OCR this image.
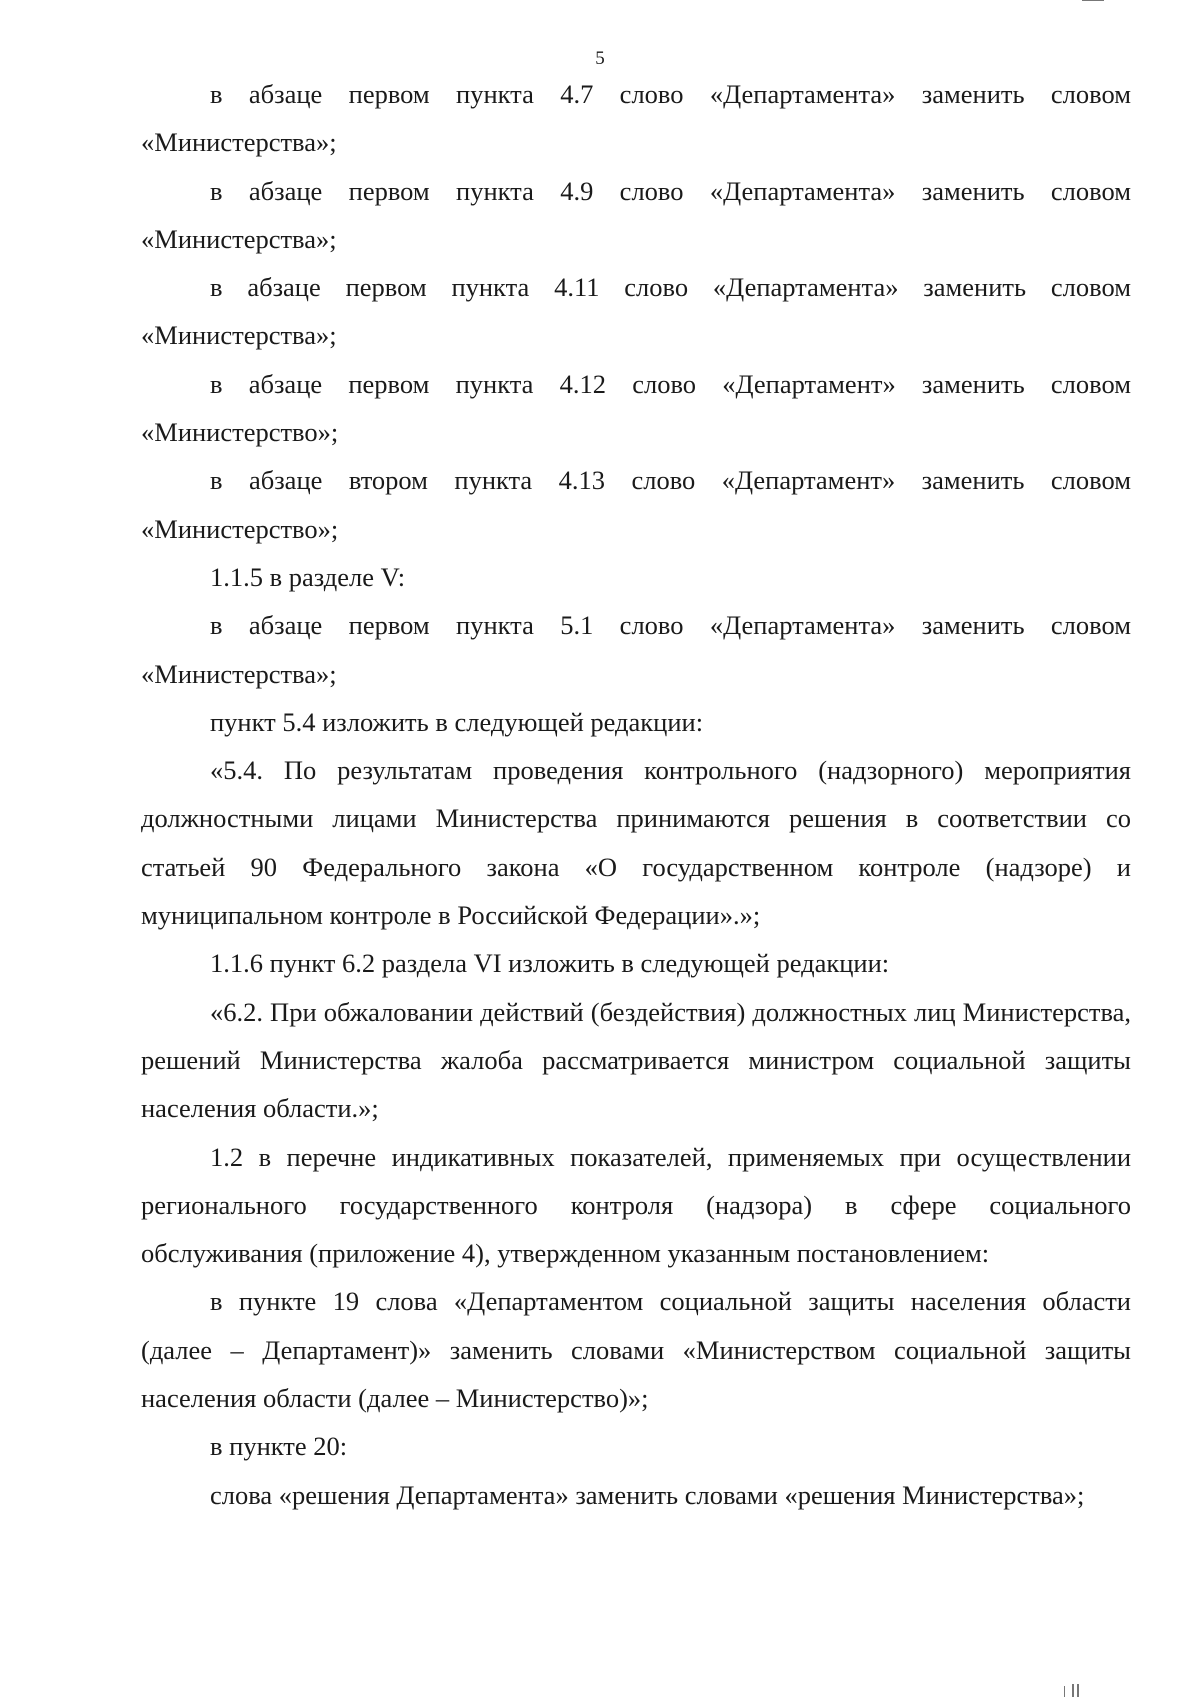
5

в абзаце первом пункта 4.7 слово «Департамента» заменить словом «Министерства»;

в абзаце первом пункта 4.9 слово «Департамента» заменить словом «Министерства»;

в абзаце первом пункта 4.11 слово «Департамента» заменить словом «Министерства»;

в абзаце первом пункта 4.12 слово «Департамент» заменить словом «Министерство»;

в абзаце втором пункта 4.13 слово «Департамент» заменить словом «Министерство»;

1.1.5 в разделе V:

в абзаце первом пункта 5.1 слово «Департамента» заменить словом «Министерства»;

пункт 5.4 изложить в следующей редакции:

«5.4. По результатам проведения контрольного (надзорного) мероприятия должностными лицами Министерства принимаются решения в соответствии со статьей 90 Федерального закона «О государственном контроле (надзоре) и муниципальном контроле в Российской Федерации».»;

1.1.6 пункт 6.2 раздела VI изложить в следующей редакции:

«6.2. При обжаловании действий (бездействия) должностных лиц Министерства, решений Министерства жалоба рассматривается министром социальной защиты населения области.»;

1.2 в перечне индикативных показателей, применяемых при осуществлении регионального государственного контроля (надзора) в сфере социального обслуживания (приложение 4), утвержденном указанным постановлением:

в пункте 19 слова «Департаментом социальной защиты населения области (далее – Департамент)» заменить словами «Министерством социальной защиты населения области (далее – Министерство)»;

в пункте 20:

слова «решения Департамента» заменить словами «решения Министерства»;
